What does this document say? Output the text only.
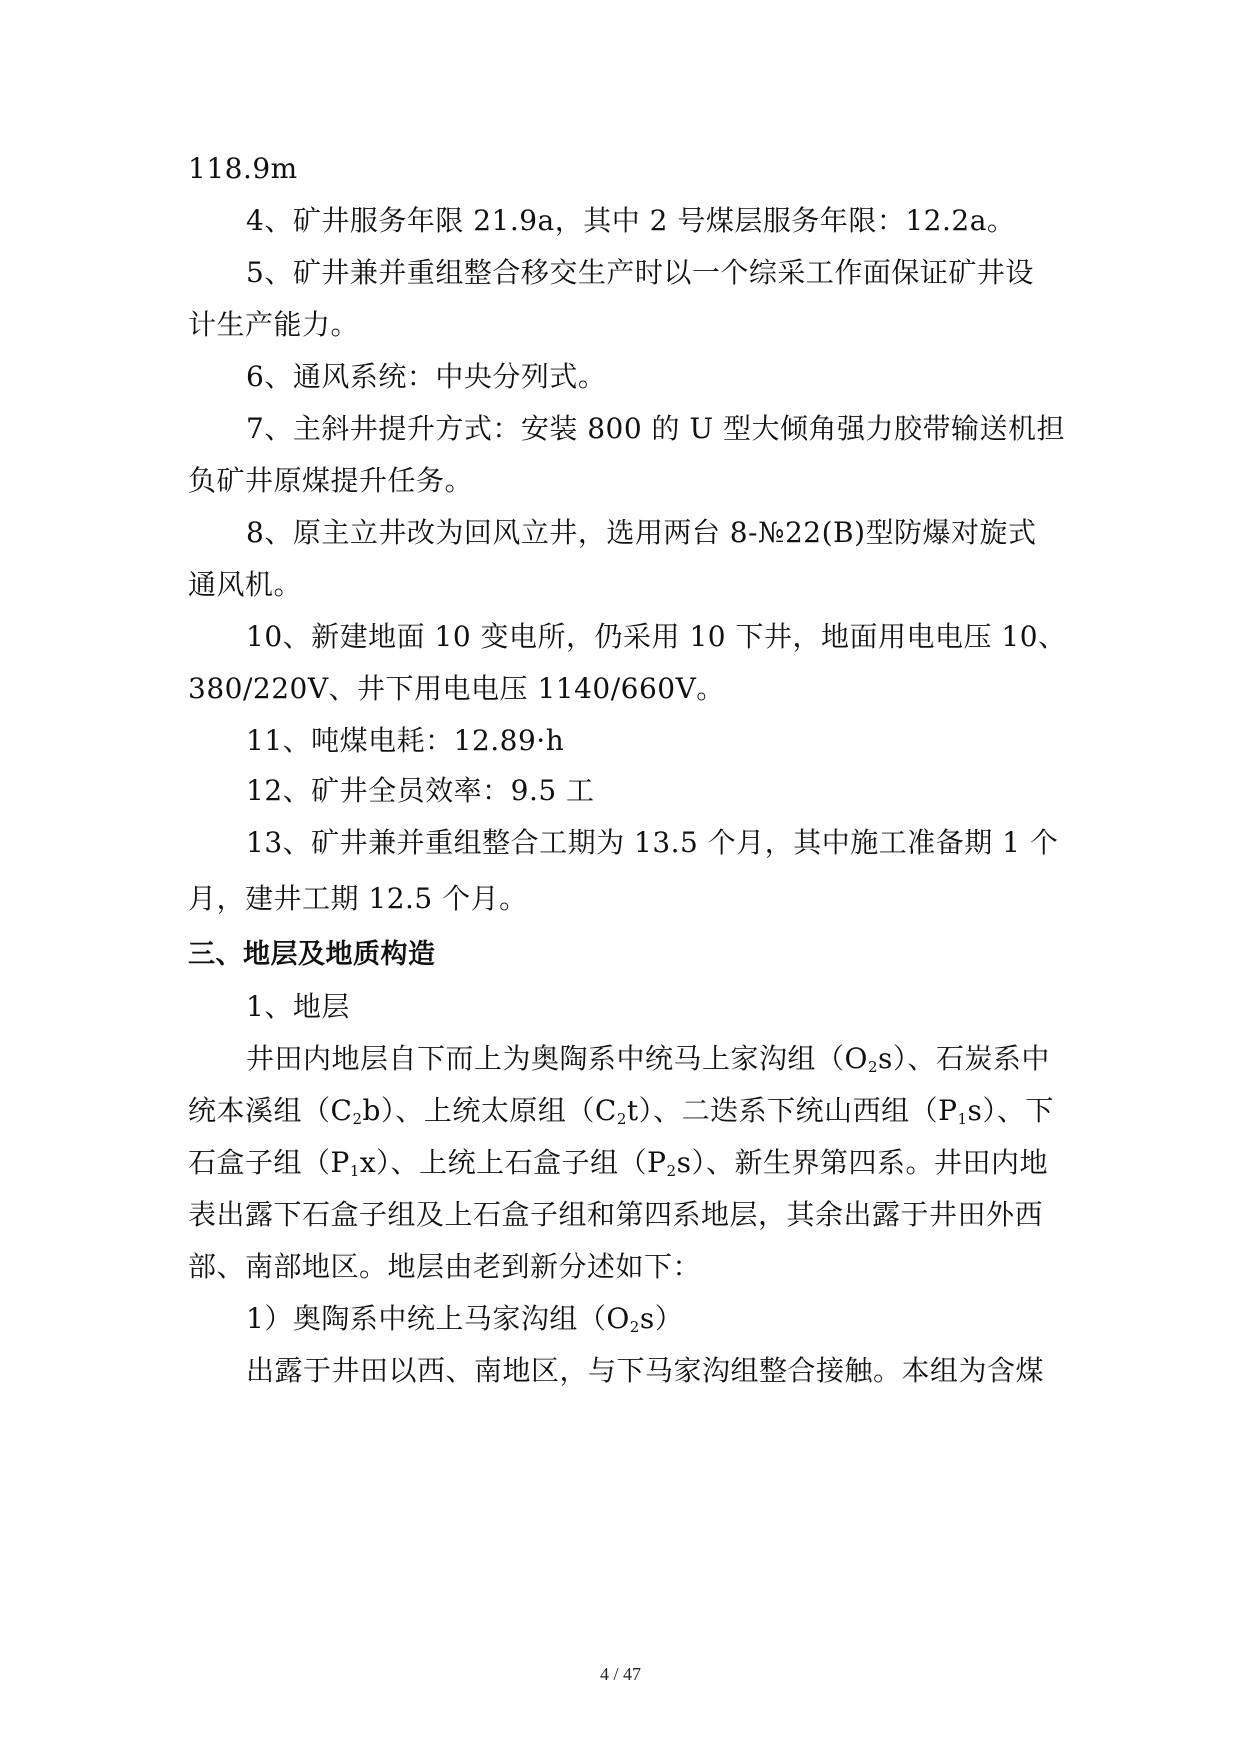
118.9m
4、矿井服务年限 21.9a，其中 2 号煤层服务年限：12.2a。
5、矿井兼并重组整合移交生产时以一个综采工作面保证矿井设
计生产能力。
6、通风系统：中央分列式。
7、主斜井提升方式：安装 800 的 U 型大倾角强力胶带输送机担
负矿井原煤提升任务。
8、原主立井改为回风立井，选用两台 8-№22(B)型防爆对旋式
通风机。
10、新建地面 10 变电所，仍采用 10 下井，地面用电电压 10、
380/220V、井下用电电压 1140/660V。
11、吨煤电耗：12.89·h
12、矿井全员效率：9.5 工
13、矿井兼并重组整合工期为 13.5 个月，其中施工准备期 1 个
月，建井工期 12.5 个月。
三、地层及地质构造
1、地层
井田内地层自下而上为奥陶系中统马上家沟组$(O_2s)$、石炭系中
统本溪组$(C_2b)$、上统太原组$(C_2t)$、二迭系下统山西组$(P_1s)$、下
石盒子组$(P_1x)$、上统上石盒子组$(P_2s)$、新生界第四系。井田内地
表出露下石盒子组及上石盒子组和第四系地层，其余出露于井田外西
部、南部地区。地层由老到新分述如下：
1）奥陶系中统上马家沟组$(O_2s)$
出露于井田以西、南地区，与下马家沟组整合接触。本组为含煤
4 / 47
